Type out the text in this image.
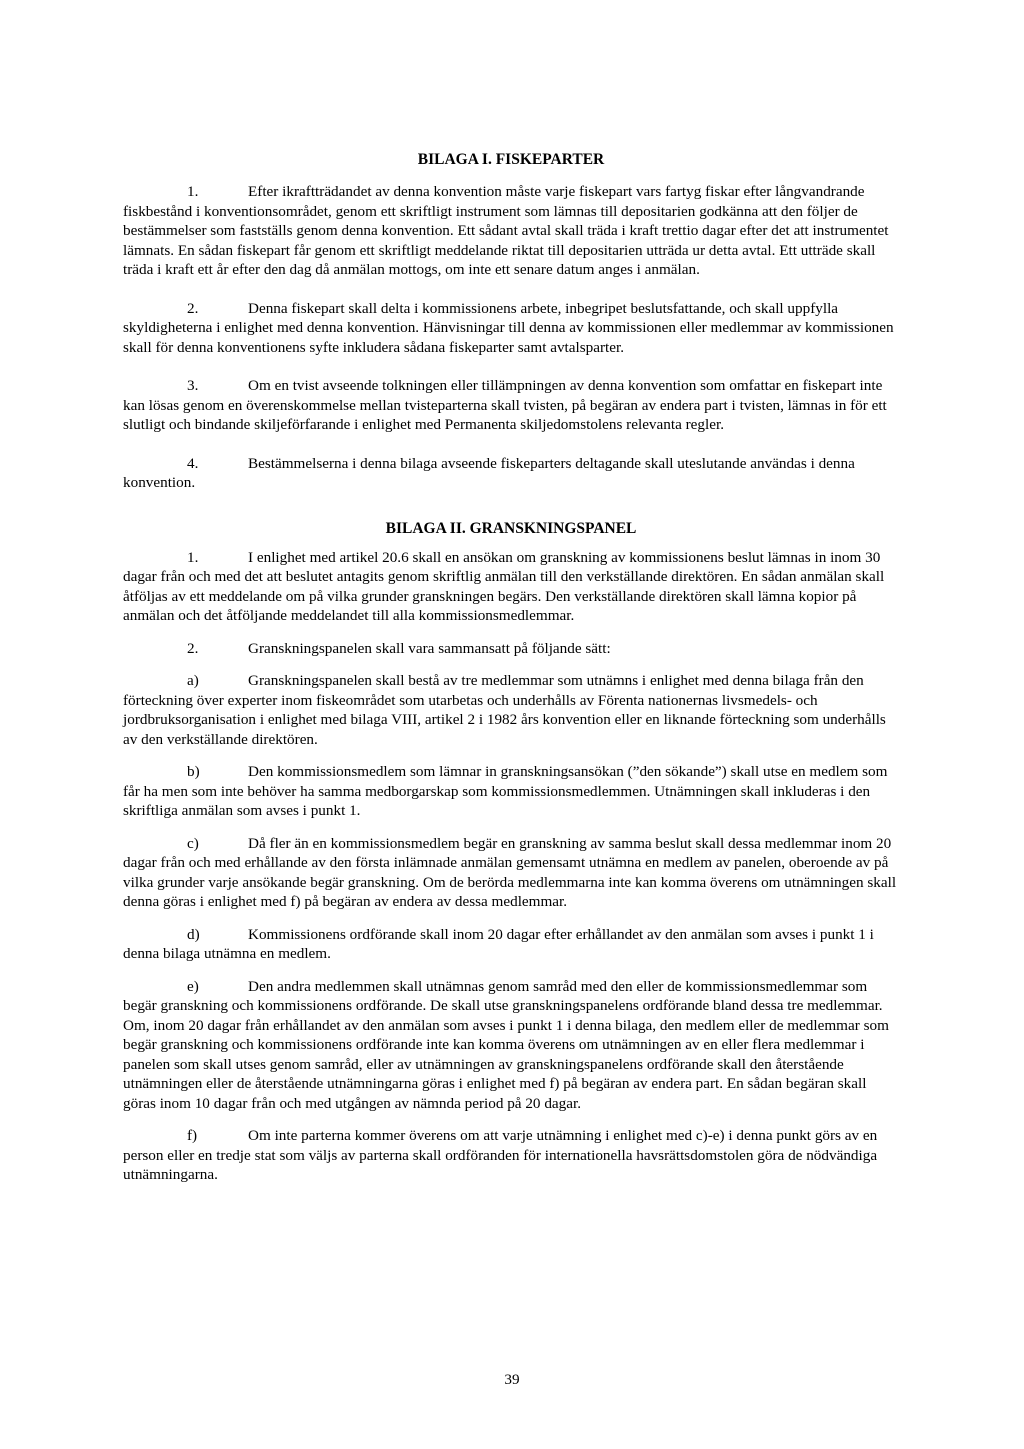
BILAGA I. FISKEPARTER

1.	Efter ikraftträdandet av denna konvention måste varje fiskepart vars fartyg fiskar efter långvandrande fiskbestånd i konventionsområdet, genom ett skriftligt instrument som lämnas till depositarien godkänna att den följer de bestämmelser som fastställs genom denna konvention. Ett sådant avtal skall träda i kraft trettio dagar efter det att instrumentet lämnats. En sådan fiskepart får genom ett skriftligt meddelande riktat till depositarien utträda ur detta avtal. Ett utträde skall träda i kraft ett år efter den dag då anmälan mottogs, om inte ett senare datum anges i anmälan.

2.	Denna fiskepart skall delta i kommissionens arbete, inbegripet beslutsfattande, och skall uppfylla skyldigheterna i enlighet med denna konvention. Hänvisningar till denna av kommissionen eller medlemmar av kommissionen skall för denna konventionens syfte inkludera sådana fiskeparter samt avtalsparter.

3.	Om en tvist avseende tolkningen eller tillämpningen av denna konvention som omfattar en fiskepart inte kan lösas genom en överenskommelse mellan tvisteparterna skall tvisten, på begäran av endera part i tvisten, lämnas in för ett slutligt och bindande skiljeförfarande i enlighet med Permanenta skiljedomstolens relevanta regler.

4.	Bestämmelserna i denna bilaga avseende fiskeparters deltagande skall uteslutande användas i denna konvention.

BILAGA II. GRANSKNINGSPANEL

1.	I enlighet med artikel 20.6 skall en ansökan om granskning av kommissionens beslut lämnas in inom 30 dagar från och med det att beslutet antagits genom skriftlig anmälan till den verkställande direktören. En sådan anmälan skall åtföljas av ett meddelande om på vilka grunder granskningen begärs. Den verkställande direktören skall lämna kopior på anmälan och det åtföljande meddelandet till alla kommissionsmedlemmar.

2.	Granskningspanelen skall vara sammansatt på följande sätt:

a)	Granskningspanelen skall bestå av tre medlemmar som utnämns i enlighet med denna bilaga från den förteckning över experter inom fiskeområdet som utarbetas och underhålls av Förenta nationernas livsmedels- och jordbruksorganisation i enlighet med bilaga VIII, artikel 2 i 1982 års konvention eller en liknande förteckning som underhålls av den verkställande direktören.

b)	Den kommissionsmedlem som lämnar in granskningsansökan (”den sökande”) skall utse en medlem som får ha men som inte behöver ha samma medborgarskap som kommissionsmedlemmen. Utnämningen skall inkluderas i den skriftliga anmälan som avses i punkt 1.

c)	Då fler än en kommissionsmedlem begär en granskning av samma beslut skall dessa medlemmar inom 20 dagar från och med erhållande av den första inlämnade anmälan gemensamt utnämna en medlem av panelen, oberoende av på vilka grunder varje ansökande begär granskning. Om de berörda medlemmarna inte kan komma överens om utnämningen skall denna göras i enlighet med f) på begäran av endera av dessa medlemmar.

d)	Kommissionens ordförande skall inom 20 dagar efter erhållandet av den anmälan som avses i punkt 1 i denna bilaga utnämna en medlem.

e)	Den andra medlemmen skall utnämnas genom samråd med den eller de kommissionsmedlemmar som begär granskning och kommissionens ordförande. De skall utse granskningspanelens ordförande bland dessa tre medlemmar. Om, inom 20 dagar från erhållandet av den anmälan som avses i punkt 1 i denna bilaga, den medlem eller de medlemmar som begär granskning och kommissionens ordförande inte kan komma överens om utnämningen av en eller flera medlemmar i panelen som skall utses genom samråd, eller av utnämningen av granskningspanelens ordförande skall den återstående utnämningen eller de återstående utnämningarna göras i enlighet med f) på begäran av endera part. En sådan begäran skall göras inom 10 dagar från och med utgången av nämnda period på 20 dagar.

f)	Om inte parterna kommer överens om att varje utnämning i enlighet med c)-e) i denna punkt görs av en person eller en tredje stat som väljs av parterna skall ordföranden för internationella havsrättsdomstolen göra de nödvändiga utnämningarna.

39
